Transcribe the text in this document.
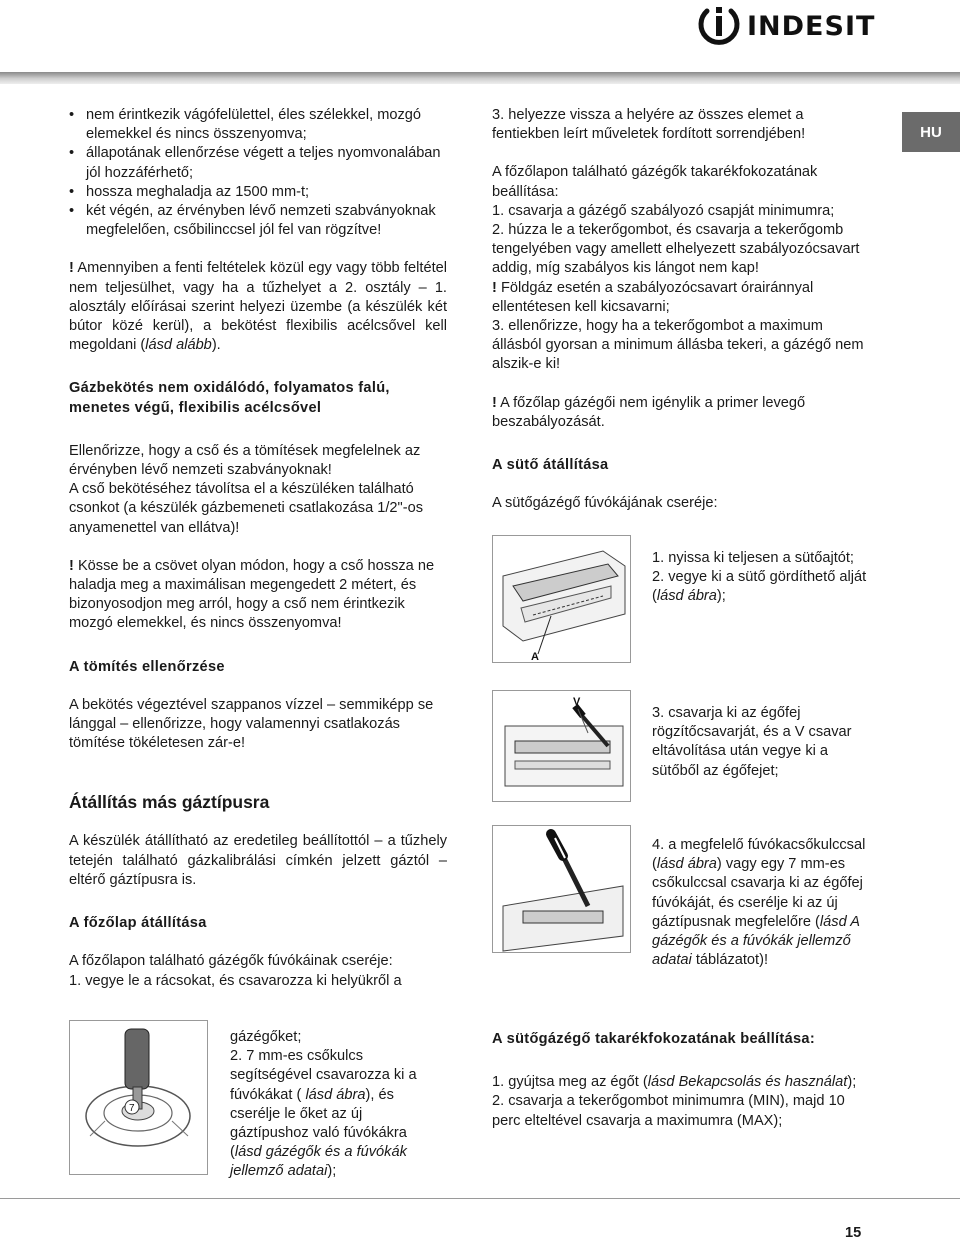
INDESIT
HU
• nem érintkezik vágófelülettel, éles szélekkel, mozgó elemekkel és nincs összenyomva;
• állapotának ellenőrzése végett a teljes nyomvonalában jól hozzáférhető;
• hossza meghaladja az 1500 mm-t;
• két végén, az érvényben lévő nemzeti szabványoknak megfelelően, csőbilinccsel jól fel van rögzítve!

! Amennyiben a fenti feltételek közül egy vagy több feltétel nem teljesülhet, vagy ha a tűzhelyet a 2. osztály – 1. alosztály előírásai szerint helyezi üzembe (a készülék két bútor közé kerül), a bekötést flexibilis acélcsővel kell megoldani (lásd alább).

Gázbekötés nem oxidálódó, folyamatos falú, menetes végű, flexibilis acélcsővel

Ellenőrizze, hogy a cső és a tömítések megfelelnek az érvényben lévő nemzeti szabványoknak!

A cső bekötéséhez távolítsa el a készüléken található csonkot (a készülék gázbemeneti csatlakozása 1/2"-os anyamenettel van ellátva)!

! Kösse be a csövet olyan módon, hogy a cső hossza ne haladja meg a maximálisan megengedett 2 métert, és bizonyosodjon meg arról, hogy a cső nem érintkezik mozgó elemekkel, és nincs összenyomva!

A tömítés ellenőrzése

A bekötés végeztével szappanos vízzel – semmiképp se lánggal – ellenőrizze, hogy valamennyi csatlakozás tömítése tökéletesen zár-e!

Átállítás más gáztípusra

A készülék átállítható az eredetileg beállítottól – a tűzhely tetején található gázkalibrálási címkén jelzett gáztól – eltérő gáztípusra is.

A főzőlap átállítása

A főzőlapon található gázégők fúvókáinak cseréje:

1. vegye le a rácsokat, és csavarozza ki helyükről a

7

gázégőket;

2. 7 mm-es csőkulcs segítségével csavarozza ki a fúvókákat ( lásd ábra), és cserélje le őket az új gáztípushoz való fúvókákra (lásd gázégők és a fúvókák jellemző adatai);

3. helyezze vissza a helyére az összes elemet a fentiekben leírt műveletek fordított sorrendjében!

A főzőlapon található gázégők takarékfokozatának beállítása:

1. csavarja a gázégő szabályozó csapját minimumra;

2. húzza le a tekerőgombot, és csavarja a tekerőgomb tengelyében vagy amellett elhelyezett szabályozócsavart addig, míg szabályos kis lángot nem kap!

! Földgáz esetén a szabályozócsavart órairánnyal ellentétesen kell kicsavarni;

3. ellenőrizze, hogy ha a tekerőgombot a maximum állásból gyorsan a minimum állásba tekeri, a gázégő nem alszik-e ki!

! A főzőlap gázégői nem igénylik a primer levegő beszabályozását.

A sütő átállítása

A sütőgázégő fúvókájának cseréje:

A

1. nyissa ki teljesen a sütőajtót;

2. vegye ki a sütő gördíthető alját (lásd ábra);

V

3. csavarja ki az égőfej rögzítőcsavarját, és a V csavar eltávolítása után vegye ki a sütőből az égőfejet;

4. a megfelelő fúvókacsőkulccsal (lásd ábra) vagy egy 7 mm-es csőkulccsal csavarja ki az égőfej fúvókáját, és cserélje ki az új gáztípusnak megfelelőre (lásd A gázégők és a fúvókák jellemző adatai táblázatot)!

A sütőgázégő takarékfokozatának beállítása:

1. gyújtsa meg az égőt (lásd Bekapcsolás és használat);

2. csavarja a tekerőgombot minimumra (MIN), majd 10 perc elteltével csavarja a maximumra (MAX);

15
